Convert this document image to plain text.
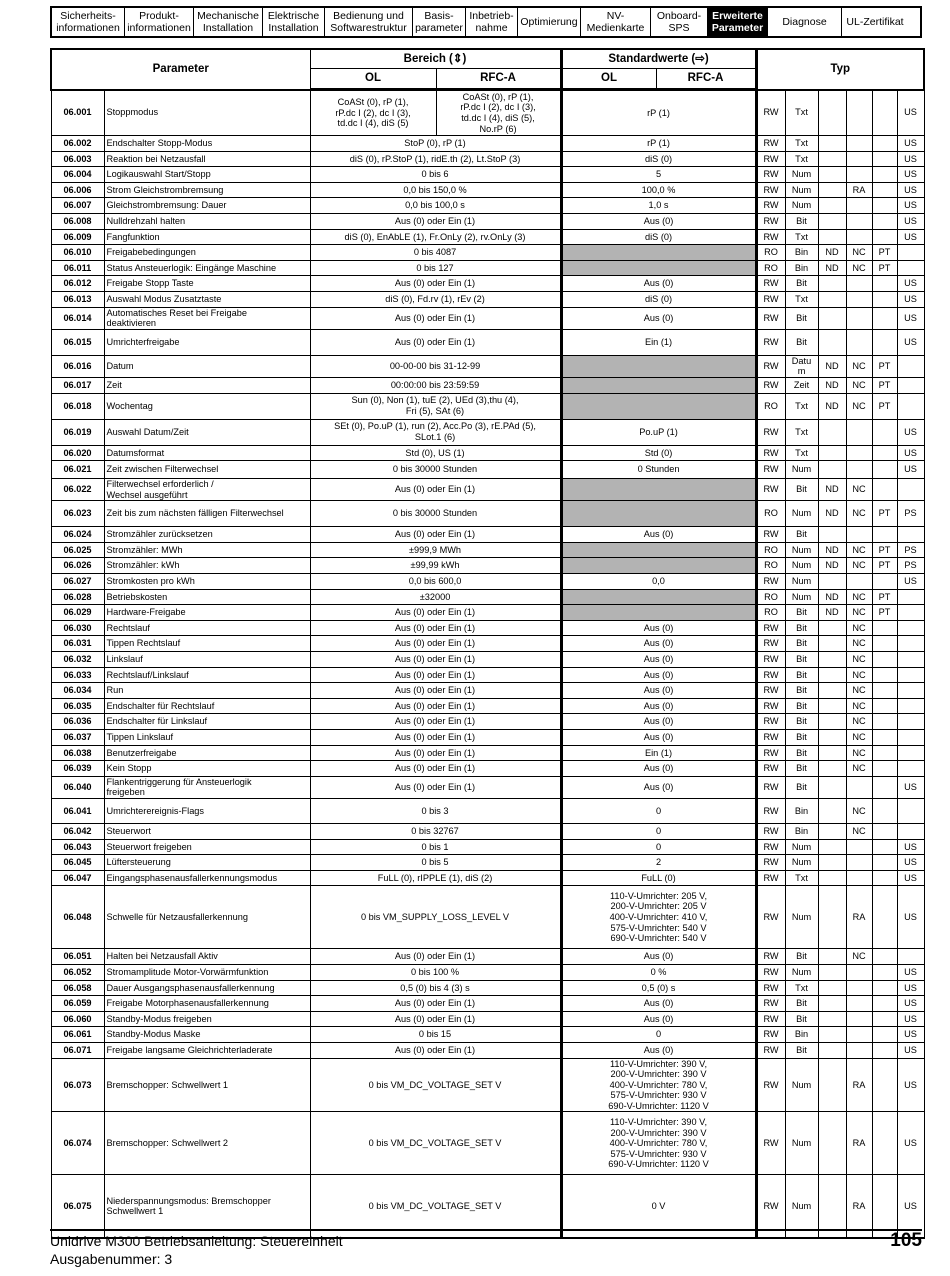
Sicherheits-
informationen
Produkt-
informationen
Mechanische
Installation
Elektrische
Installation
Bedienung und
Softwarestruktur
Basis-
parameter
Inbetrieb-
nahme	Optimierung	NV-
Medienkarte
Onboard-
SPS
Erweiterte
Parameter	Diagnose	UL-Zertifikat
Parameter		Bereich (⇕)		Standardwerte (⇨)		Typ					
		OL	RFC-A	OL	RFC-A						
06.001	Stoppmodus	CoASt (0), rP (1),
rP.dc I (2), dc I (3),
td.dc I (4), diS (5)	CoASt (0), rP (1),
rP.dc I (2), dc I (3),
td.dc I (4), diS (5),
No.rP (6)	rP (1)		RW	Txt				US
06.002	Endschalter Stopp-Modus	StoP (0), rP (1)		rP (1)		RW	Txt				US
06.003	Reaktion bei Netzausfall	diS (0), rP.StoP (1), ridE.th (2), Lt.StoP (3)		diS (0)		RW	Txt				US
06.004	Logikauswahl Start/Stopp	0 bis 6		5		RW	Num				US
06.006	Strom Gleichstrombremsung	0,0 bis 150,0 %		100,0 %		RW	Num		RA		US
06.007	Gleichstrombremsung: Dauer	0,0 bis 100,0 s		1,0 s		RW	Num				US
06.008	Nulldrehzahl halten	Aus (0) oder Ein (1)		Aus (0)		RW	Bit				US
06.009	Fangfunktion	diS (0), EnAbLE (1), Fr.OnLy (2), rv.OnLy (3)		diS (0)		RW	Txt				US
06.010	Freigabebedingungen	0 bis 4087				RO	Bin	ND	NC	PT	
06.011	Status Ansteuerlogik: Eingänge Maschine	0 bis 127				RO	Bin	ND	NC	PT	
06.012	Freigabe Stopp Taste	Aus (0) oder Ein (1)		Aus (0)		RW	Bit				US
06.013	Auswahl Modus Zusatztaste	diS (0), Fd.rv (1), rEv (2)		diS (0)		RW	Txt				US
06.014	Automatisches Reset bei Freigabe
deaktivieren	Aus (0) oder Ein (1)		Aus (0)		RW	Bit				US
06.015	Umrichterfreigabe	Aus (0) oder Ein (1)		Ein (1)		RW	Bit				US
06.016	Datum	00-00-00 bis 31-12-99				RW	Datu
m	ND	NC	PT	
06.017	Zeit	00:00:00 bis 23:59:59				RW	Zeit	ND	NC	PT	
06.018	Wochentag	Sun (0), Non (1), tuE (2), UEd (3),thu (4),
Fri (5), SAt (6)				RO	Txt	ND	NC	PT	
06.019	Auswahl Datum/Zeit	SEt (0), Po.uP (1), run (2), Acc.Po (3), rE.PAd (5),
SLot.1 (6)		Po.uP (1)		RW	Txt				US
06.020	Datumsformat	Std (0), US (1)		Std (0)		RW	Txt				US
06.021	Zeit zwischen Filterwechsel	0 bis 30000 Stunden		0 Stunden		RW	Num				US
06.022	Filterwechsel erforderlich /
Wechsel ausgeführt	Aus (0) oder Ein (1)				RW	Bit	ND	NC		
06.023	Zeit bis zum nächsten fälligen Filterwechsel	0 bis 30000 Stunden				RO	Num	ND	NC	PT	PS
06.024	Stromzähler zurücksetzen	Aus (0) oder Ein (1)		Aus (0)		RW	Bit				
06.025	Stromzähler: MWh	±999,9 MWh				RO	Num	ND	NC	PT	PS
06.026	Stromzähler: kWh	±99,99 kWh				RO	Num	ND	NC	PT	PS
06.027	Stromkosten pro kWh	0,0 bis 600,0		0,0		RW	Num				US
06.028	Betriebskosten	±32000				RO	Num	ND	NC	PT	
06.029	Hardware-Freigabe	Aus (0) oder Ein (1)				RO	Bit	ND	NC	PT	
06.030	Rechtslauf	Aus (0) oder Ein (1)		Aus (0)		RW	Bit		NC		
06.031	Tippen Rechtslauf	Aus (0) oder Ein (1)		Aus (0)		RW	Bit		NC		
06.032	Linkslauf	Aus (0) oder Ein (1)		Aus (0)		RW	Bit		NC		
06.033	Rechtslauf/Linkslauf	Aus (0) oder Ein (1)		Aus (0)		RW	Bit		NC		
06.034	Run	Aus (0) oder Ein (1)		Aus (0)		RW	Bit		NC		
06.035	Endschalter für Rechtslauf	Aus (0) oder Ein (1)		Aus (0)		RW	Bit		NC		
06.036	Endschalter für Linkslauf	Aus (0) oder Ein (1)		Aus (0)		RW	Bit		NC		
06.037	Tippen Linkslauf	Aus (0) oder Ein (1)		Aus (0)		RW	Bit		NC		
06.038	Benutzerfreigabe	Aus (0) oder Ein (1)		Ein (1)		RW	Bit		NC		
06.039	Kein Stopp	Aus (0) oder Ein (1)		Aus (0)		RW	Bit		NC		
06.040	Flankentriggerung für Ansteuerlogik
freigeben	Aus (0) oder Ein (1)		Aus (0)		RW	Bit				US
06.041	Umrichterereignis-Flags	0 bis 3		0		RW	Bin		NC		
06.042	Steuerwort	0 bis 32767		0		RW	Bin		NC		
06.043	Steuerwort freigeben	0 bis 1		0		RW	Num				US
06.045	Lüftersteuerung	0 bis 5		2		RW	Num				US
06.047	Eingangsphasenausfallerkennungsmodus	FuLL (0), rIPPLE (1), diS (2)		FuLL (0)		RW	Txt				US
06.048	Schwelle für Netzausfallerkennung	0 bis VM_SUPPLY_LOSS_LEVEL V		110-V-Umrichter: 205 V,
200-V-Umrichter: 205 V
400-V-Umrichter: 410 V,
575-V-Umrichter: 540 V
690-V-Umrichter: 540 V		RW	Num		RA		US
06.051	Halten bei Netzausfall Aktiv	Aus (0) oder Ein (1)		Aus (0)		RW	Bit		NC		
06.052	Stromamplitude Motor-Vorwärmfunktion	0 bis 100 %		0 %		RW	Num				US
06.058	Dauer Ausgangsphasenausfallerkennung	0,5 (0) bis 4 (3) s		0,5 (0) s		RW	Txt				US
06.059	Freigabe Motorphasenausfallerkennung	Aus (0) oder Ein (1)		Aus (0)		RW	Bit				US
06.060	Standby-Modus freigeben	Aus (0) oder Ein (1)		Aus (0)		RW	Bit				US
06.061	Standby-Modus Maske	0 bis 15		0		RW	Bin				US
06.071	Freigabe langsame Gleichrichterladerate	Aus (0) oder Ein (1)		Aus (0)		RW	Bit				US
06.073	Bremschopper: Schwellwert 1	0 bis VM_DC_VOLTAGE_SET V		110-V-Umrichter: 390 V,
200-V-Umrichter: 390 V
400-V-Umrichter: 780 V,
575-V-Umrichter: 930 V
690-V-Umrichter: 1120 V		RW	Num		RA		US
06.074	Bremschopper: Schwellwert 2	0 bis VM_DC_VOLTAGE_SET V		110-V-Umrichter: 390 V,
200-V-Umrichter: 390 V
400-V-Umrichter: 780 V,
575-V-Umrichter: 930 V
690-V-Umrichter: 1120 V		RW	Num		RA		US
06.075	Niederspannungsmodus: Bremschopper
Schwellwert 1	0 bis VM_DC_VOLTAGE_SET V		0 V		RW	Num		RA		US
Unidrive M300 Betriebsanleitung: Steuereinheit
Ausgabenummer: 3
105
